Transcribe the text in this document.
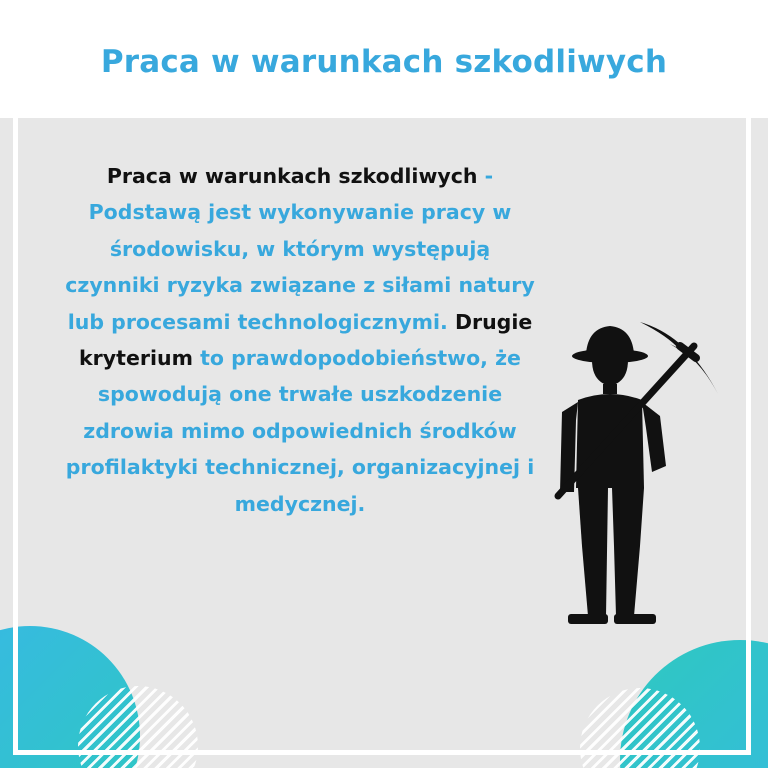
Praca w warunkach szkodliwych
Praca w warunkach szkodliwych - Podstawą jest wykonywanie pracy w środowisku, w którym występują czynniki ryzyka związane z siłami natury lub procesami technologicznymi. Drugie kryterium to prawdopodobieństwo, że spowodują one trwałe uszkodzenie zdrowia mimo odpowiednich środków profilaktyki technicznej, organizacyjnej i medycznej.
